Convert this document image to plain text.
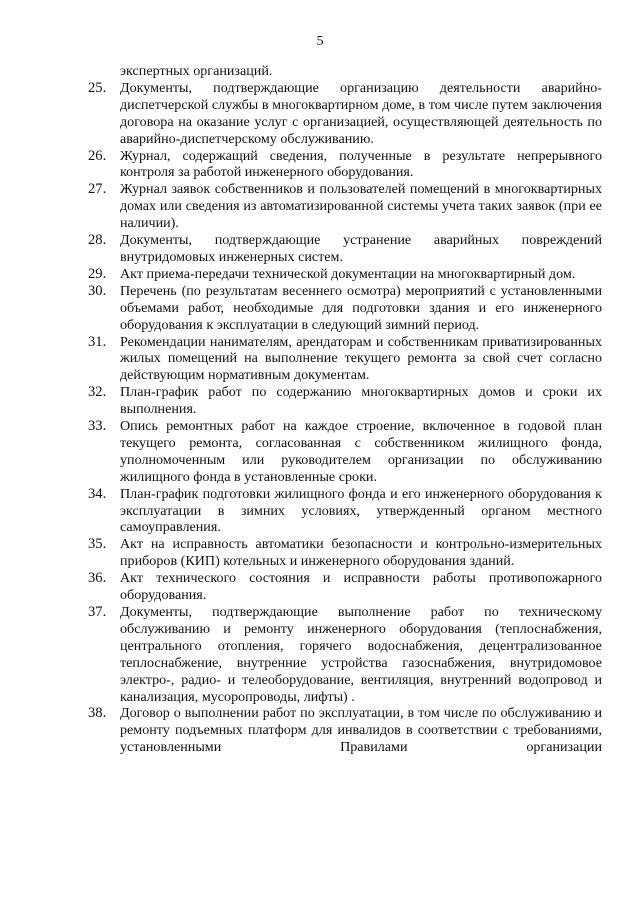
5
экспертных организаций.
25. Документы, подтверждающие организацию деятельности аварийно-диспетчерской службы в многоквартирном доме, в том числе путем заключения договора на оказание услуг с организацией, осуществляющей деятельность по аварийно-диспетчерскому обслуживанию.
26. Журнал, содержащий сведения, полученные в результате непрерывного контроля за работой инженерного оборудования.
27. Журнал заявок собственников и пользователей помещений в многоквартирных домах или сведения из автоматизированной системы учета таких заявок (при ее наличии).
28. Документы, подтверждающие устранение аварийных повреждений внутридомовых инженерных систем.
29. Акт приема-передачи технической документации на многоквартирный дом.
30. Перечень (по результатам весеннего осмотра) мероприятий с установленными объемами работ, необходимые для подготовки здания и его инженерного оборудования к эксплуатации в следующий зимний период.
31. Рекомендации нанимателям, арендаторам и собственникам приватизированных жилых помещений на выполнение текущего ремонта за свой счет согласно действующим нормативным документам.
32. План-график работ по содержанию многоквартирных домов и сроки их выполнения.
33. Опись ремонтных работ на каждое строение, включенное в годовой план текущего ремонта, согласованная с собственником жилищного фонда, уполномоченным или руководителем организации по обслуживанию жилищного фонда в установленные сроки.
34. План-график подготовки жилищного фонда и его инженерного оборудования к эксплуатации в зимних условиях, утвержденный органом местного самоуправления.
35. Акт на исправность автоматики безопасности и контрольно-измерительных приборов (КИП) котельных и инженерного оборудования зданий.
36. Акт технического состояния и исправности работы противопожарного оборудования.
37. Документы, подтверждающие выполнение работ по техническому обслуживанию и ремонту инженерного оборудования (теплоснабжения, центрального отопления, горячего водоснабжения, децентрализованное теплоснабжение, внутренние устройства газоснабжения, внутридомовое электро-, радио- и телеоборудование, вентиляция, внутренний водопровод и канализация, мусоропроводы, лифты) .
38. Договор о выполнении работ по эксплуатации, в том числе по обслуживанию и ремонту подъемных платформ для инвалидов в соответствии с требованиями, установленными Правилами организации
